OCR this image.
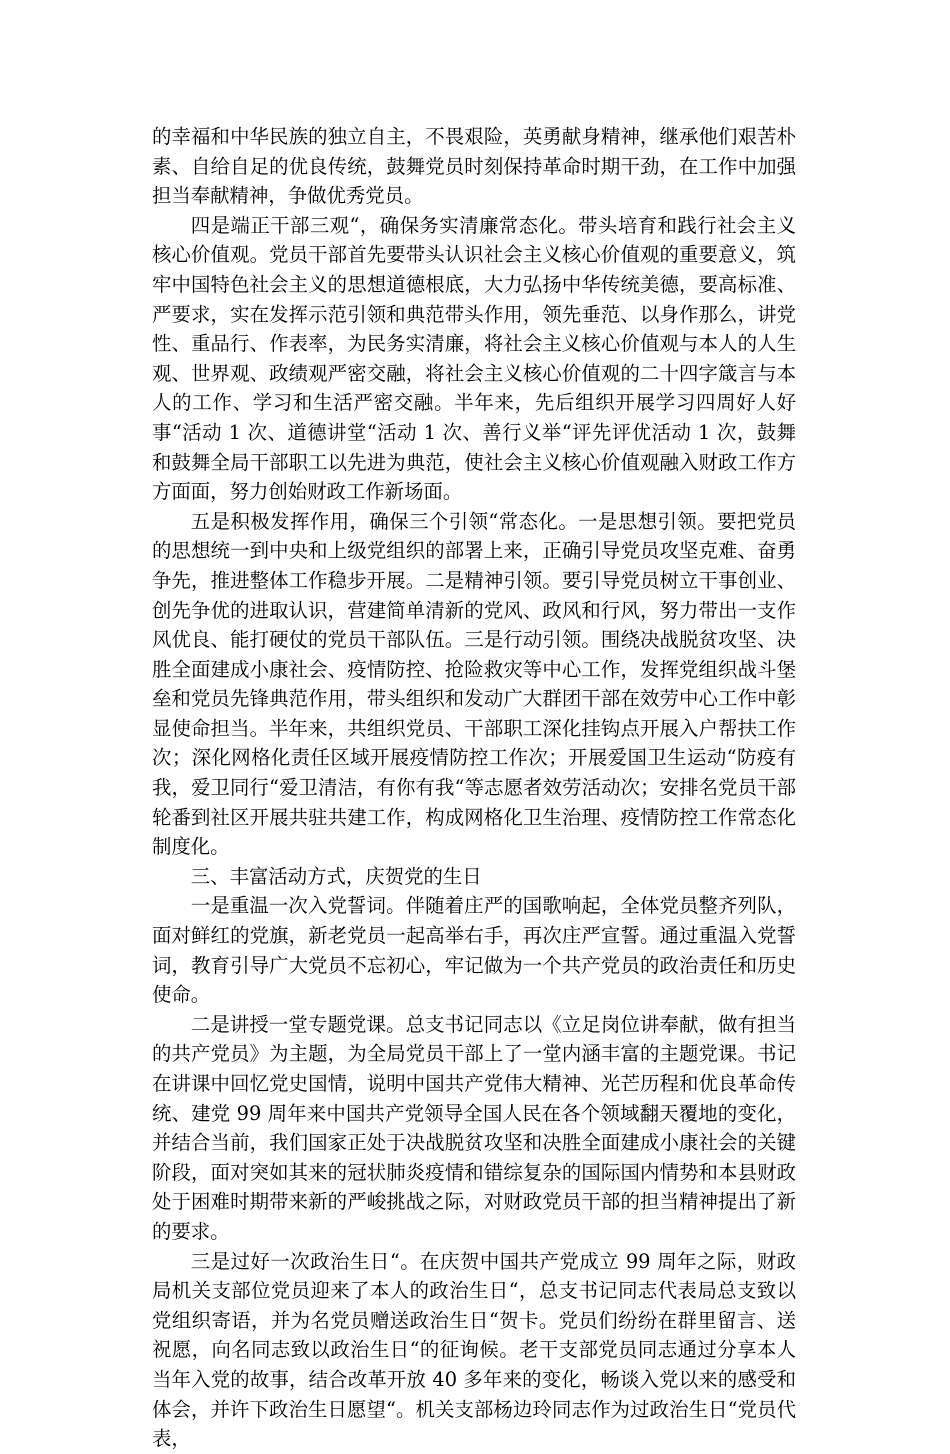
的幸福和中华民族的独立自主，不畏艰险，英勇献身精神，继承他们艰苦朴素、自给自足的优良传统，鼓舞党员时刻保持革命时期干劲，在工作中加强担当奉献精神，争做优秀党员。

四是端正干部三观“，确保务实清廉常态化。带头培育和践行社会主义核心价值观。党员干部首先要带头认识社会主义核心价值观的重要意义，筑牢中国特色社会主义的思想道德根底，大力弘扬中华传统美德，要高标准、严要求，实在发挥示范引领和典范带头作用，领先垂范、以身作那么，讲党性、重品行、作表率，为民务实清廉，将社会主义核心价值观与本人的人生观、世界观、政绩观严密交融，将社会主义核心价值观的二十四字箴言与本人的工作、学习和生活严密交融。半年来，先后组织开展学习四周好人好事“活动 1 次、道德讲堂“活动 1 次、善行义举“评先评优活动 1 次，鼓舞和鼓舞全局干部职工以先进为典范，使社会主义核心价值观融入财政工作方方面面，努力创始财政工作新场面。

五是积极发挥作用，确保三个引领“常态化。一是思想引领。要把党员的思想统一到中央和上级党组织的部署上来，正确引导党员攻坚克难、奋勇争先，推进整体工作稳步开展。二是精神引领。要引导党员树立干事创业、创先争优的进取认识，营建简单清新的党风、政风和行风，努力带出一支作风优良、能打硬仗的党员干部队伍。三是行动引领。围绕决战脱贫攻坚、决胜全面建成小康社会、疫情防控、抢险救灾等中心工作，发挥党组织战斗堡垒和党员先锋典范作用，带头组织和发动广大群团干部在效劳中心工作中彰显使命担当。半年来，共组织党员、干部职工深化挂钩点开展入户帮扶工作次；深化网格化责任区域开展疫情防控工作次；开展爱国卫生运动“防疫有我，爱卫同行“爱卫清洁，有你有我“等志愿者效劳活动次；安排名党员干部轮番到社区开展共驻共建工作，构成网格化卫生治理、疫情防控工作常态化制度化。

三、丰富活动方式，庆贺党的生日

一是重温一次入党誓词。伴随着庄严的国歌响起，全体党员整齐列队，面对鲜红的党旗，新老党员一起高举右手，再次庄严宣誓。通过重温入党誓词，教育引导广大党员不忘初心，牢记做为一个共产党员的政治责任和历史使命。

二是讲授一堂专题党课。总支书记同志以《立足岗位讲奉献，做有担当的共产党员》为主题，为全局党员干部上了一堂内涵丰富的主题党课。书记在讲课中回忆党史国情，说明中国共产党伟大精神、光芒历程和优良革命传统、建党 99 周年来中国共产党领导全国人民在各个领域翻天覆地的变化，并结合当前，我们国家正处于决战脱贫攻坚和决胜全面建成小康社会的关键阶段，面对突如其来的冠状肺炎疫情和错综复杂的国际国内情势和本县财政处于困难时期带来新的严峻挑战之际，对财政党员干部的担当精神提出了新的要求。

三是过好一次政治生日“。在庆贺中国共产党成立 99 周年之际，财政局机关支部位党员迎来了本人的政治生日“，总支书记同志代表局总支致以党组织寄语，并为名党员赠送政治生日“贺卡。党员们纷纷在群里留言、送祝愿，向名同志致以政治生日“的征询候。老干支部党员同志通过分享本人当年入党的故事，结合改革开放 40 多年来的变化，畅谈入党以来的感受和体会，并许下政治生日愿望“。机关支部杨边玲同志作为过政治生日“党员代表，
